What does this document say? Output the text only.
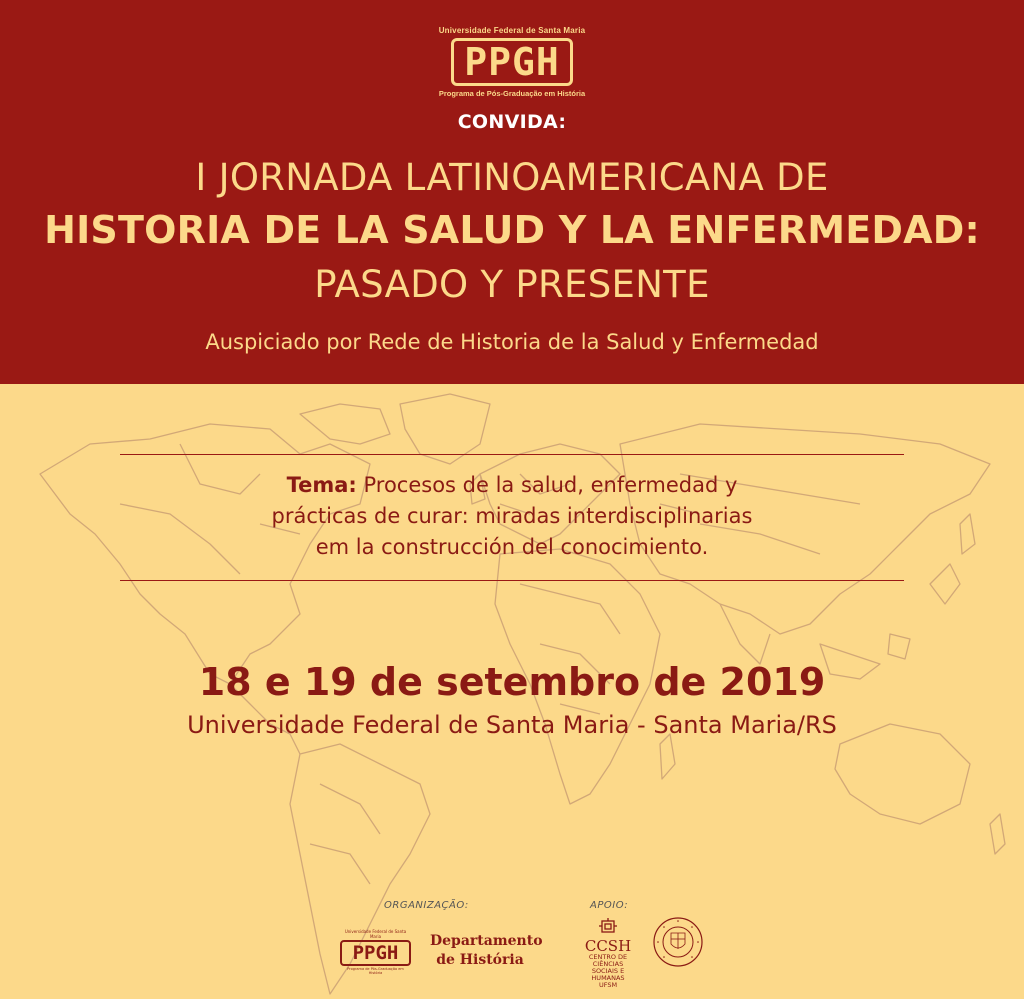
Universidade Federal de Santa Maria
PPGH
Programa de Pós-Graduação em História
CONVIDA:
I JORNADA LATINOAMERICANA DE
HISTORIA DE LA SALUD Y LA ENFERMEDAD:
PASADO Y PRESENTE
Auspiciado por Rede de Historia de la Salud y Enfermedad
Tema: Procesos de la salud, enfermedad y
prácticas de curar: miradas interdisciplinarias
em la construcción del conocimiento.
18 e 19 de setembro de 2019
Universidade Federal de Santa Maria - Santa Maria/RS
ORGANIZAÇÃO:	APOIO:
Universidade Federal de Santa Maria
PPGH
Programa de Pós-Graduação em História
Departamento
de História
CCSH
CENTRO DE CIÊNCIAS
SOCIAIS E HUMANAS
UFSM
